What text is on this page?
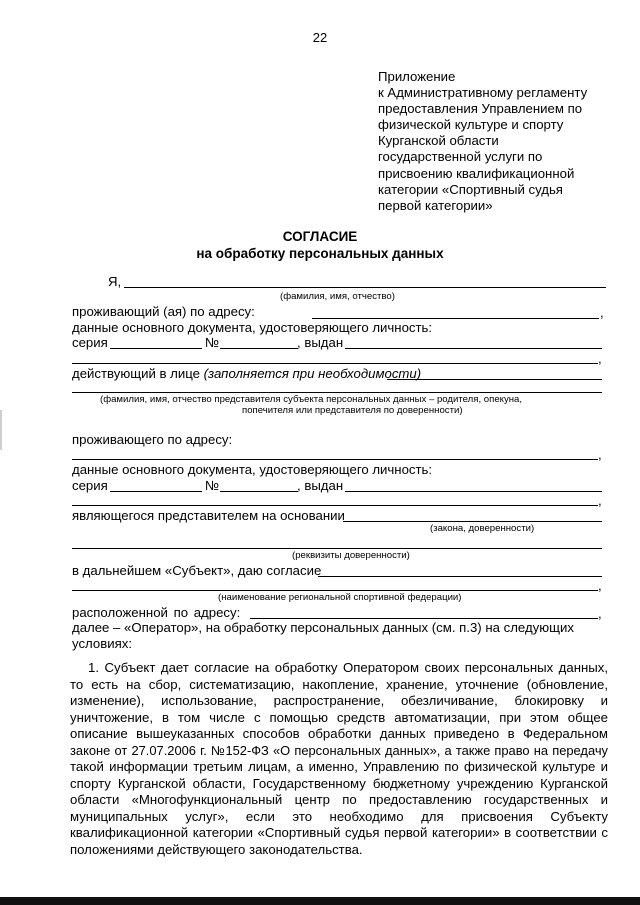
22
Приложение
к Административному регламенту
предоставления Управлением по
физической культуре и спорту
Курганской области
государственной услуги по
присвоению квалификационной
категории «Спортивный судья
первой категории»
СОГЛАСИЕ
на обработку персональных данных
Я,
(фамилия, имя, отчество)
проживающий (ая) по адресу:	,
данные основного документа, удостоверяющего личность:
серия	№	, выдан
,
действующий в лице (заполняется при необходимости)
(фамилия, имя, отчество представителя субъекта персональных данных – родителя, опекуна,
попечителя или представителя по доверенности)
проживающего по адресу:
,
данные основного документа, удостоверяющего личность:
серия	№	, выдан
,
являющегося представителем на основании
(закона, доверенности)
(реквизиты доверенности)
в дальнейшем «Субъект», даю согласие
,
(наименование региональной спортивной федерации)
расположенной по адресу:	,
далее – «Оператор», на обработку персональных данных (см. п.3) на следующих
условиях:
1. Субъект дает согласие на обработку Оператором своих персональных данных,
то есть на сбор, систематизацию, накопление, хранение, уточнение (обновление,
изменение), использование, распространение, обезличивание, блокировку и
уничтожение, в том числе с помощью средств автоматизации, при этом общее
описание вышеуказанных способов обработки данных приведено в Федеральном
законе от 27.07.2006 г. №152-ФЗ «О персональных данных», а также право на передачу
такой информации третьим лицам, а именно, Управлению по физической культуре и
спорту Курганской области, Государственному бюджетному учреждению Курганской
области «Многофункциональный центр по предоставлению государственных и
муниципальных услуг», если это необходимо для присвоения Субъекту
квалификационной категории «Спортивный судья первой категории» в соответствии с
положениями действующего законодательства.
